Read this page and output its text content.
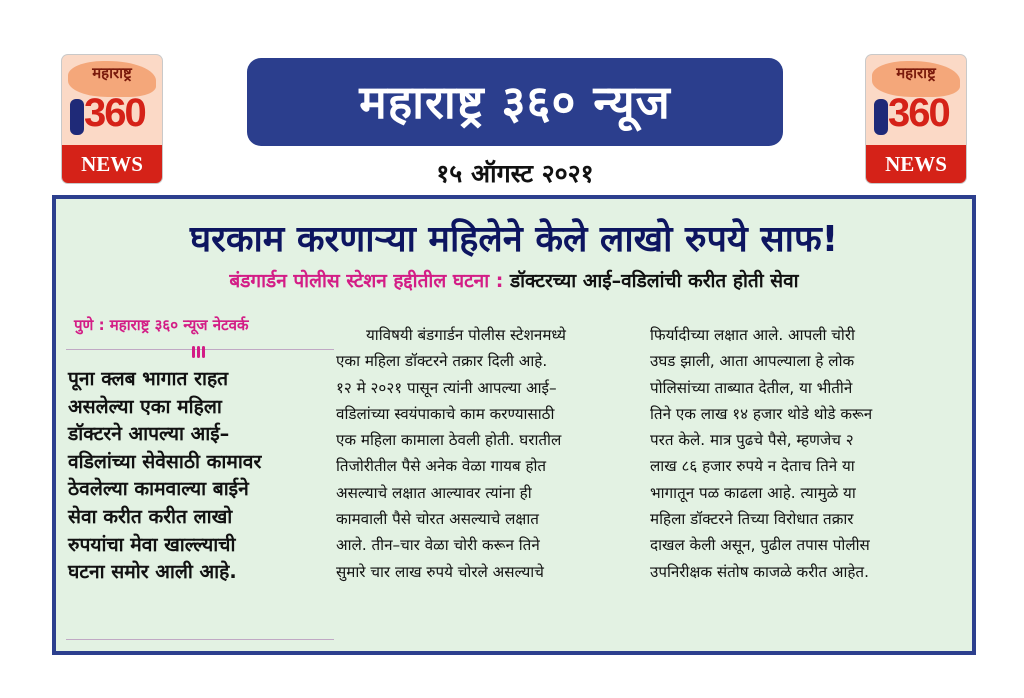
महाराष्ट्र
360
NEWS
महाराष्ट्र ३६० न्यूज
१५ ऑगस्ट २०२१
महाराष्ट्र
360
NEWS
घरकाम करणाऱ्या महिलेने केले लाखो रुपये साफ!
बंडगार्डन पोलीस स्टेशन हद्दीतील घटना : डॉक्टरच्या आई–वडिलांची करीत होती सेवा
पुणे : महाराष्ट्र ३६० न्यूज नेटवर्क

पूना क्लब भागात राहत

असलेल्या एका महिला

डॉक्टरने आपल्या आई–

वडिलांच्या सेवेसाठी कामावर

ठेवलेल्या कामवाल्या बाईने

सेवा करीत करीत लाखो

रुपयांचा मेवा खाल्ल्याची

घटना समोर आली आहे.

याविषयी बंडगार्डन पोलीस स्टेशनमध्ये

एका महिला डॉक्टरने तक्रार दिली आहे.

१२ मे २०२१ पासून त्यांनी आपल्या आई–

वडिलांच्या स्वयंपाकाचे काम करण्यासाठी

एक महिला कामाला ठेवली होती. घरातील

तिजोरीतील पैसे अनेक वेळा गायब होत

असल्याचे लक्षात आल्यावर त्यांना ही

कामवाली पैसे चोरत असल्याचे लक्षात

आले. तीन–चार वेळा चोरी करून तिने

सुमारे चार लाख रुपये चोरले असल्याचे

फिर्यादीच्या लक्षात आले. आपली चोरी

उघड झाली, आता आपल्याला हे लोक

पोलिसांच्या ताब्यात देतील, या भीतीने

तिने एक लाख १४ हजार थोडे थोडे करून

परत केले. मात्र पुढचे पैसे, म्हणजेच २

लाख ८६ हजार रुपये न देताच तिने या

भागातून पळ काढला आहे. त्यामुळे या

महिला डॉक्टरने तिच्या विरोधात तक्रार

दाखल केली असून, पुढील तपास पोलीस

उपनिरीक्षक संतोष काजळे करीत आहेत.
